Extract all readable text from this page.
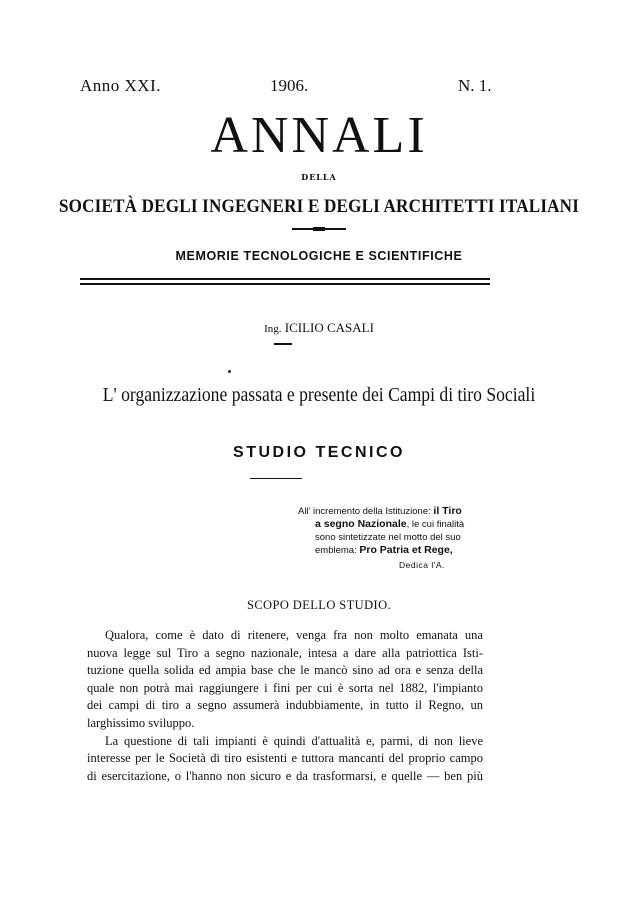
Anno XXI.	1906.	N. 1.
ANNALI
DELLA
SOCIETÀ DEGLI INGEGNERI E DEGLI ARCHITETTI ITALIANI
MEMORIE TECNOLOGICHE E SCIENTIFICHE
Ing. ICILIO CASALI
L' organizzazione passata e presente dei Campi di tiro Sociali
STUDIO TECNICO
All' incremento della Istituzione: il Tiro
a segno Nazionale, le cui finalità
sono sintetizzate nel motto del suo
emblema: Pro Patria et Rege,
Dedica l'A.
SCOPO DELLO STUDIO.

Qualora, come è dato di ritenere, venga fra non molto emanata una

nuova legge sul Tiro a segno nazionale, intesa a dare alla patriottica Isti-
tuzione quella solida ed ampia base che le mancò sino ad ora e senza della
quale non potrà mai raggiungere i fini per cui è sorta nel 1882, l'impianto
dei campi di tiro a segno assumerà indubbiamente, in tutto il Regno, un
larghissimo sviluppo.

La questione di tali impianti è quindi d'attualità e, parmi, di non lieve

interesse per le Società di tiro esistenti e tuttora mancanti del proprio campo
di esercitazione, o l'hanno non sicuro e da trasformarsi, e quelle — ben più
